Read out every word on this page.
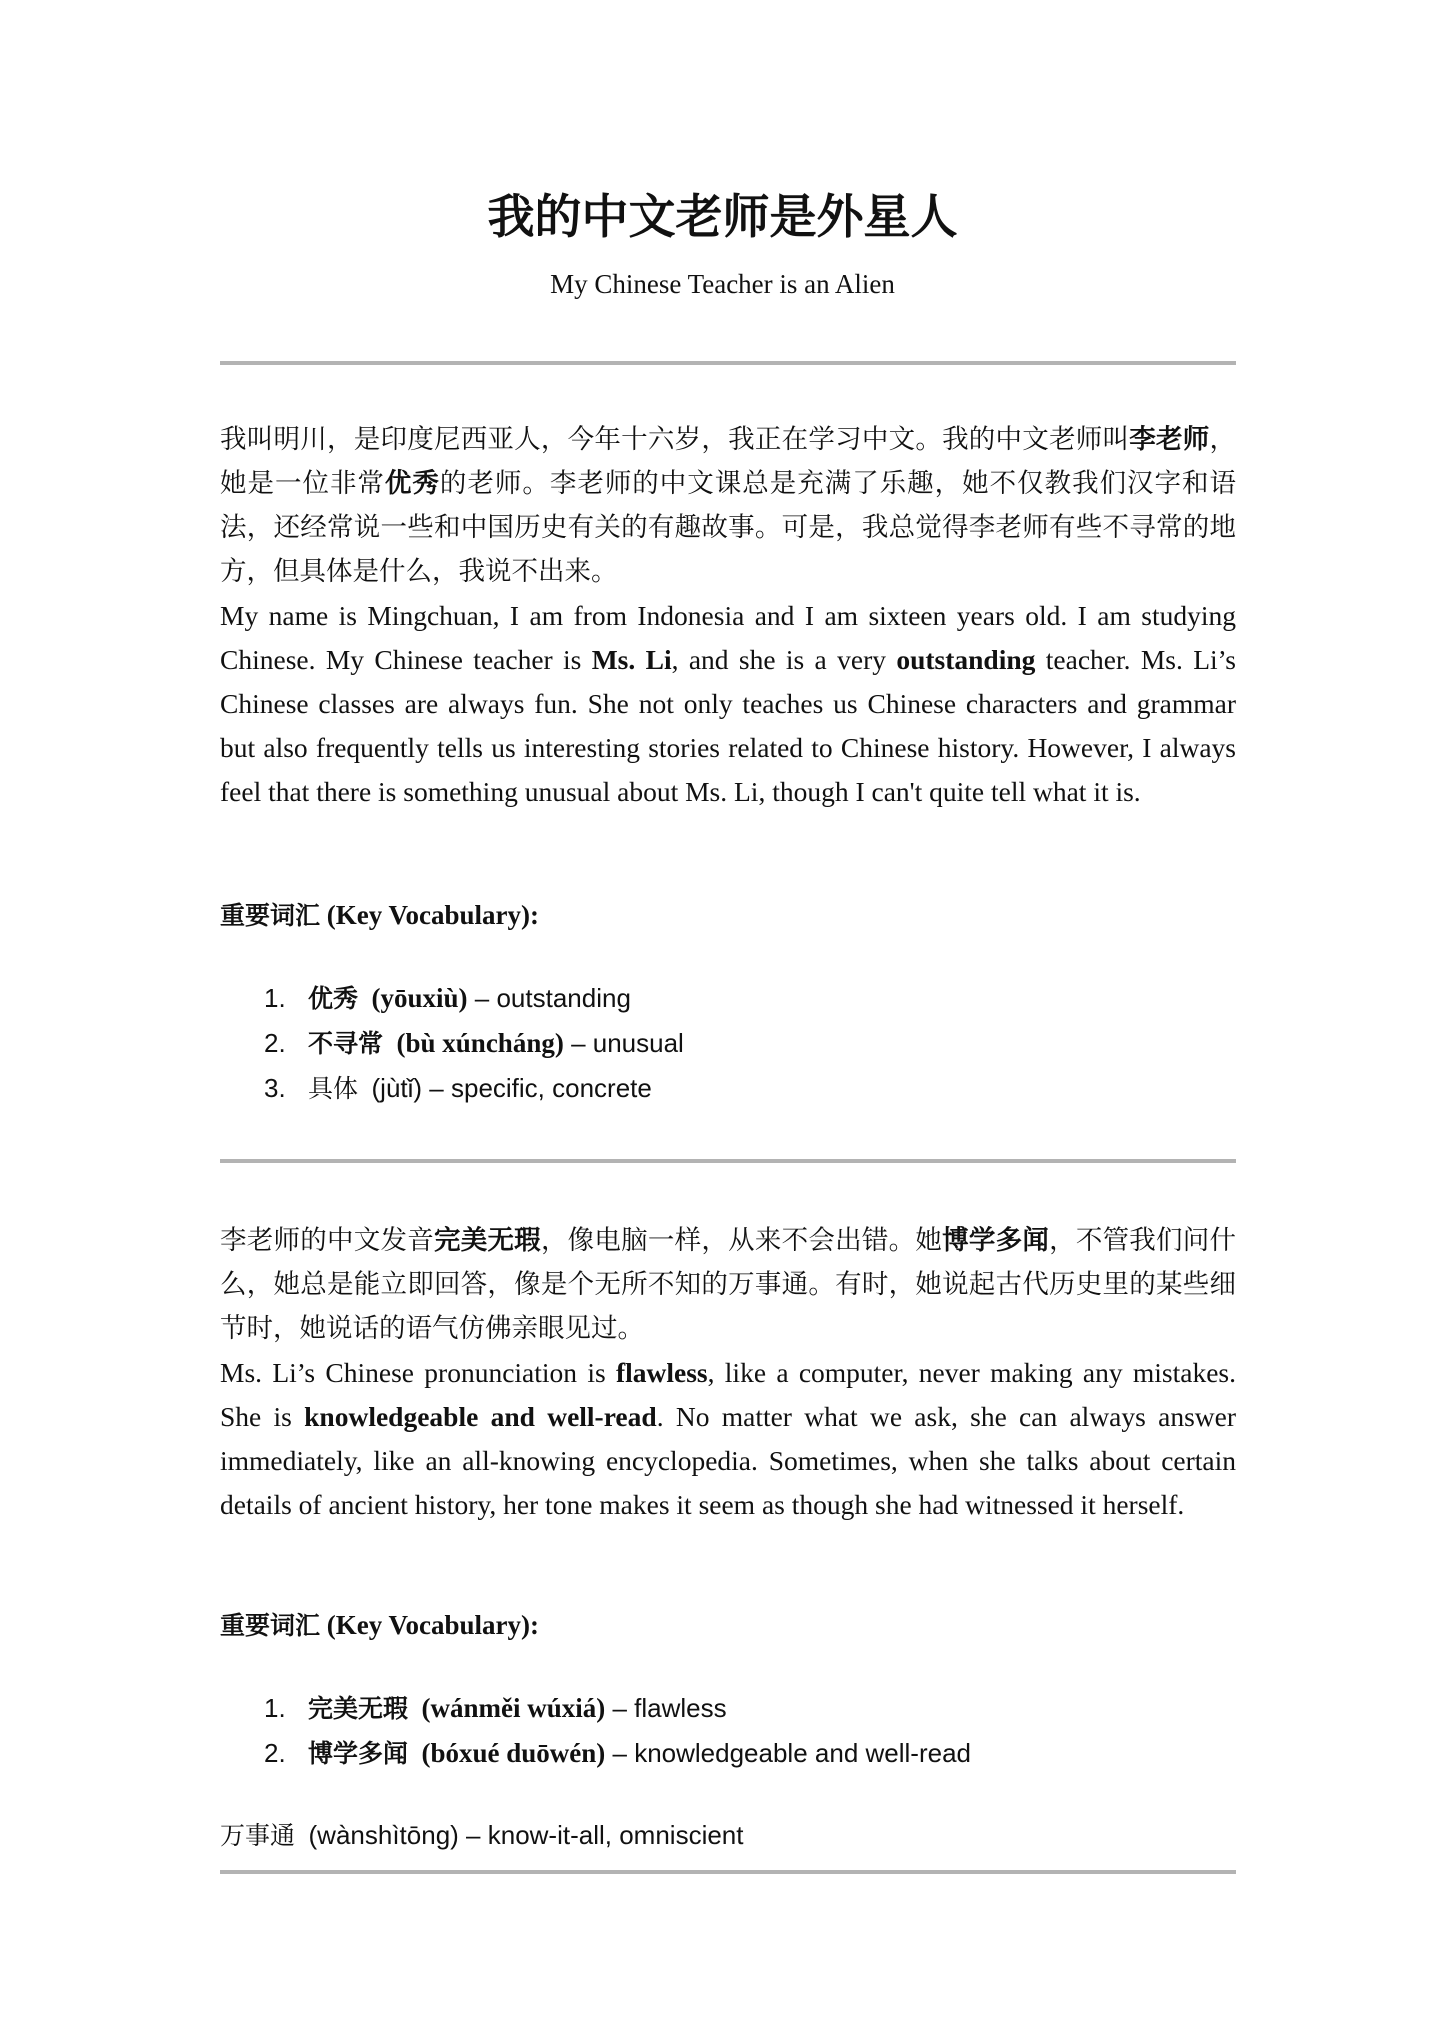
我的中文老师是外星人
My Chinese Teacher is an Alien

我叫明川，是印度尼西亚人，今年十六岁，我正在学习中文。我的中文老师叫李老师，她是一位非常优秀的老师。李老师的中文课总是充满了乐趣，她不仅教我们汉字和语法，还经常说一些和中国历史有关的有趣故事。可是，我总觉得李老师有些不寻常的地方，但具体是什么，我说不出来。

My name is Mingchuan, I am from Indonesia and I am sixteen years old. I am studying Chinese. My Chinese teacher is Ms. Li, and she is a very outstanding teacher. Ms. Li’s Chinese classes are always fun. She not only teaches us Chinese characters and grammar but also frequently tells us interesting stories related to Chinese history. However, I always feel that there is something unusual about Ms. Li, though I can't quite tell what it is.

重要词汇 (Key Vocabulary):

1. 优秀 (yōuxiù) – outstanding
2. 不寻常 (bù xúncháng) – unusual
3. 具体 (jùtǐ) – specific, concrete

李老师的中文发音完美无瑕，像电脑一样，从来不会出错。她博学多闻，不管我们问什么，她总是能立即回答，像是个无所不知的万事通。有时，她说起古代历史里的某些细节时，她说话的语气仿佛亲眼见过。

Ms. Li’s Chinese pronunciation is flawless, like a computer, never making any mistakes. She is knowledgeable and well-read. No matter what we ask, she can always answer immediately, like an all-knowing encyclopedia. Sometimes, when she talks about certain details of ancient history, her tone makes it seem as though she had witnessed it herself.

重要词汇 (Key Vocabulary):

1. 完美无瑕 (wánměi wúxiá) – flawless
2. 博学多闻 (bóxué duōwén) – knowledgeable and well-read
万事通 (wànshìtōng) – know-it-all, omniscient
